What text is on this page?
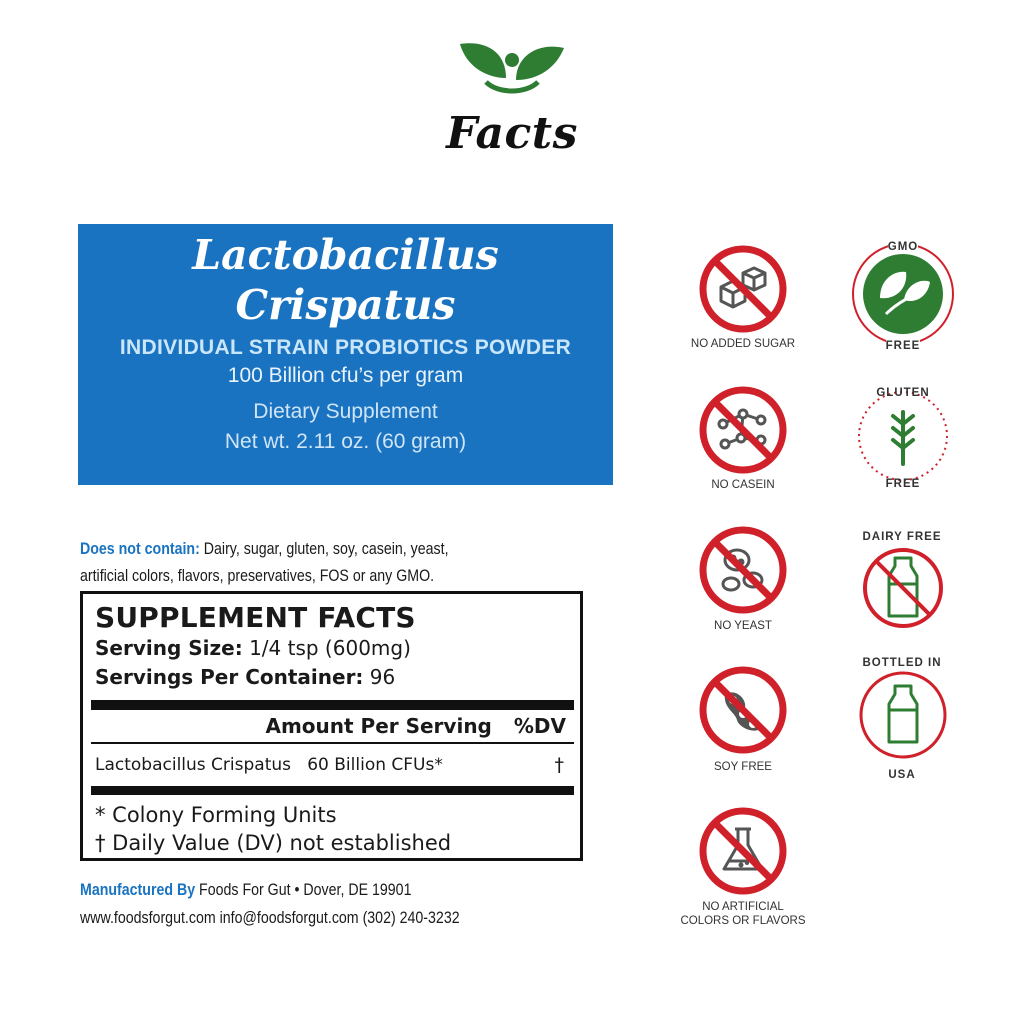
Facts
Lactobacillus
Crispatus
INDIVIDUAL STRAIN PROBIOTICS POWDER
100 Billion cfu’s per gram
Dietary Supplement
Net wt. 2.11 oz. (60 gram)
Does not contain: Dairy, sugar, gluten, soy, casein, yeast,
artificial colors, flavors, preservatives, FOS or any GMO.
SUPPLEMENT FACTS
Serving Size: 1/4 tsp (600mg)
Servings Per Container: 96
Amount Per Serving %DV
Lactobacillus Crispatus 60 Billion CFUs*	†
* Colony Forming Units
† Daily Value (DV) not established
Manufactured By Foods For Gut • Dover, DE 19901
www.foodsforgut.com info@foodsforgut.com (302) 240-3232
NO ADDED SUGAR
NO CASEIN
NO YEAST
SOY FREE
NO ARTIFICIAL
COLORS OR FLAVORS
GMO
FREE
GLUTEN
FREE
DAIRY FREE
BOTTLED IN
USA
